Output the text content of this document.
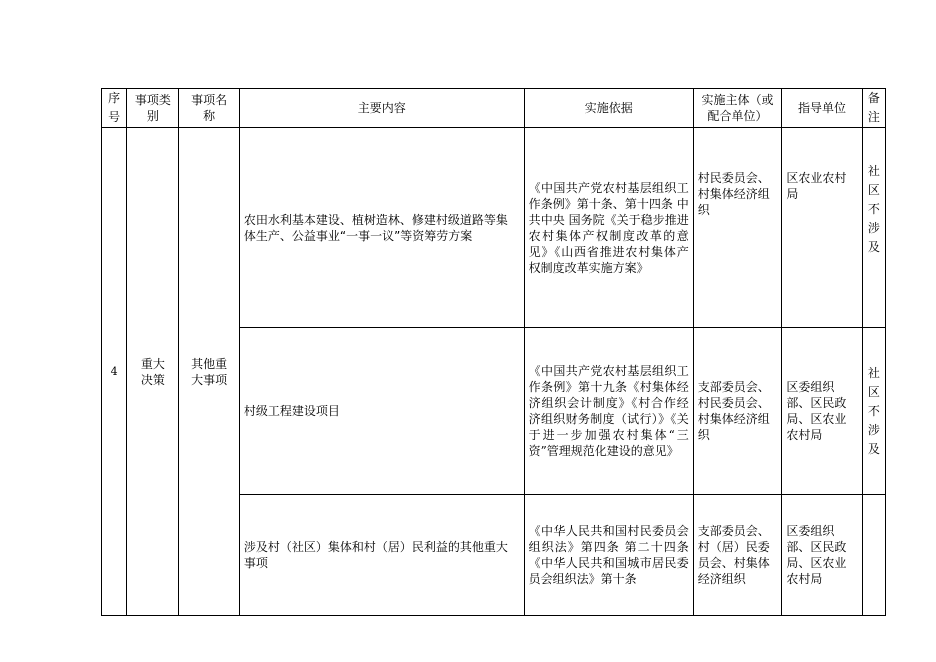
序号	事项类别	事项名称	主要内容	实施依据	实施主体（或配合单位）	指导单位	备注

4	重大决策	其他重大事项	农田水利基本建设、植树造林、修建村级道路等集体生产、公益事业“一事一议”等资筹劳方案	《中国共产党农村基层组织工作条例》第十条、第十四条 中共中央 国务院《关于稳步推进农村集体产权制度改革的意见》《山西省推进农村集体产权制度改革实施方案》	村民委员会、村集体经济组织	区农业农村局	社区不涉及

			村级工程建设项目	《中国共产党农村基层组织工作条例》第十九条《村集体经济组织会计制度》《村合作经济组织财务制度（试行）》《关于进一步加强农村集体“三资”管理规范化建设的意见》	支部委员会、村民委员会、村集体经济组织	区委组织部、区民政局、区农业农村局	社区不涉及

			涉及村（社区）集体和村（居）民利益的其他重大事项	《中华人民共和国村民委员会组织法》第四条 第二十四条 《中华人民共和国城市居民委员会组织法》第十条	支部委员会、村（居）民委员会、村集体经济组织	区委组织部、区民政局、区农业农村局	
